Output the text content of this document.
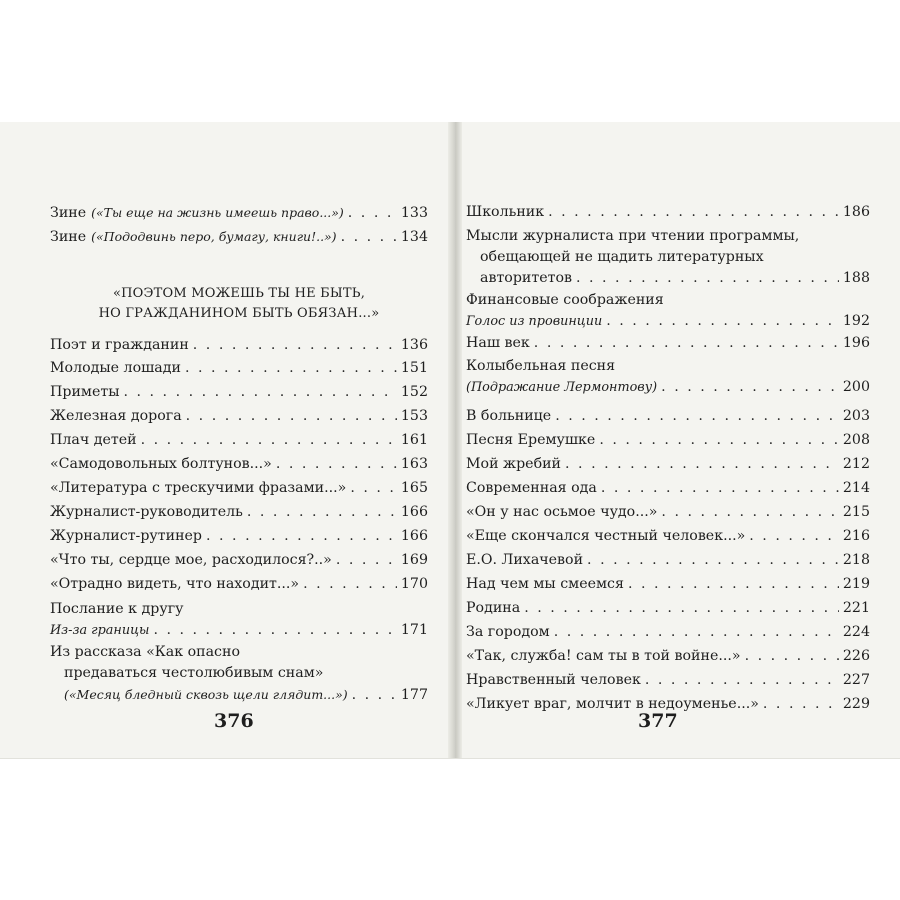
Зине («Ты еще на жизнь имеешь право...») . . .	133
Зине («Пододвинь перо, бумагу, книги!..») . . .	134
«ПОЭТОМ МОЖЕШЬ ТЫ НЕ БЫТЬ,
НО ГРАЖДАНИНОМ БЫТЬ ОБЯЗАН...»
Поэт и гражданин . . .	136
Молодые лошади . . .	151
Приметы . . .	152
Железная дорога . . .	153
Плач детей . . .	161
«Самодовольных болтунов...» . . .	163
«Литература с трескучими фразами...» . . .	165
Журналист-руководитель . . .	166
Журналист-рутинер . . .	166
«Что ты, сердце мое, расходилося?..» . . .	169
«Отрадно видеть, что находит...» . . .	170
Послание к другу
Из-за границы . . .	171
Из рассказа «Как опасно
предаваться честолюбивым снам»
(«Месяц бледный сквозь щели глядит...») . . .	177
376
Школьник . . .	186
Мысли журналиста при чтении программы,
обещающей не щадить литературных
авторитетов . . .	188
Финансовые соображения
Голос из провинции . . .	192
Наш век . . .	196
Колыбельная песня
(Подражание Лермонтову) . . .	200
В больнице . . .	203
Песня Еремушке . . .	208
Мой жребий . . .	212
Современная ода . . .	214
«Он у нас осьмое чудо...» . . .	215
«Еще скончался честный человек...» . . .	216
Е.О. Лихачевой . . .	218
Над чем мы смеемся . . .	219
Родина . . .	221
За городом . . .	224
«Так, служба! сам ты в той войне...» . . .	226
Нравственный человек . . .	227
377
«Ликует враг, молчит в недоуменье...» . . .	229
